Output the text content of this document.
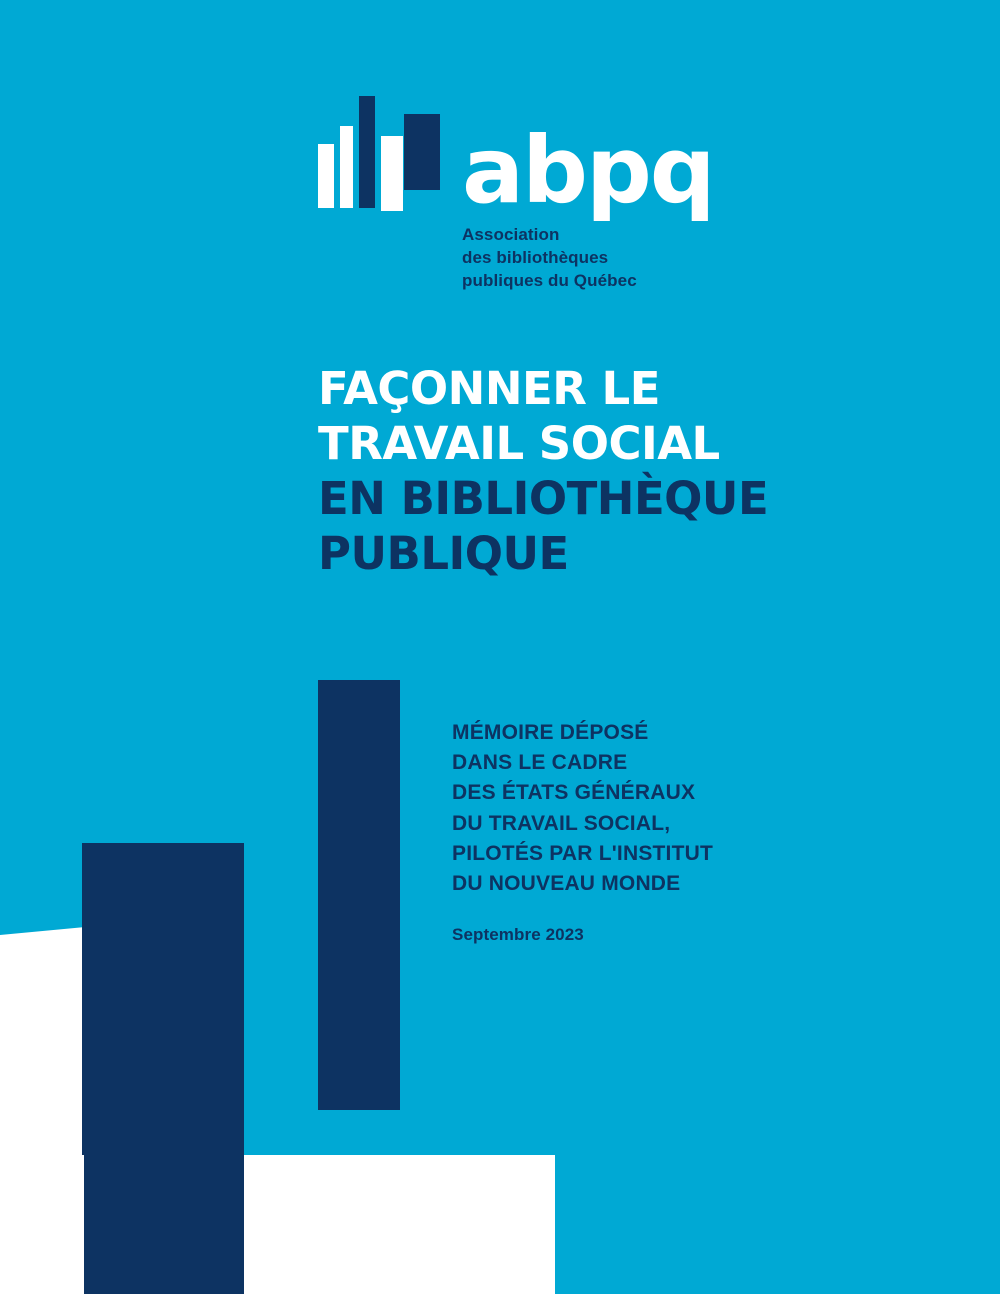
abpq
Association
des bibliothèques
publiques du Québec
FAÇONNER LE
TRAVAIL SOCIAL
EN BIBLIOTHÈQUE
PUBLIQUE
MÉMOIRE DÉPOSÉ
DANS LE CADRE
DES ÉTATS GÉNÉRAUX
DU TRAVAIL SOCIAL,
PILOTÉS PAR L'INSTITUT
DU NOUVEAU MONDE
Septembre 2023
